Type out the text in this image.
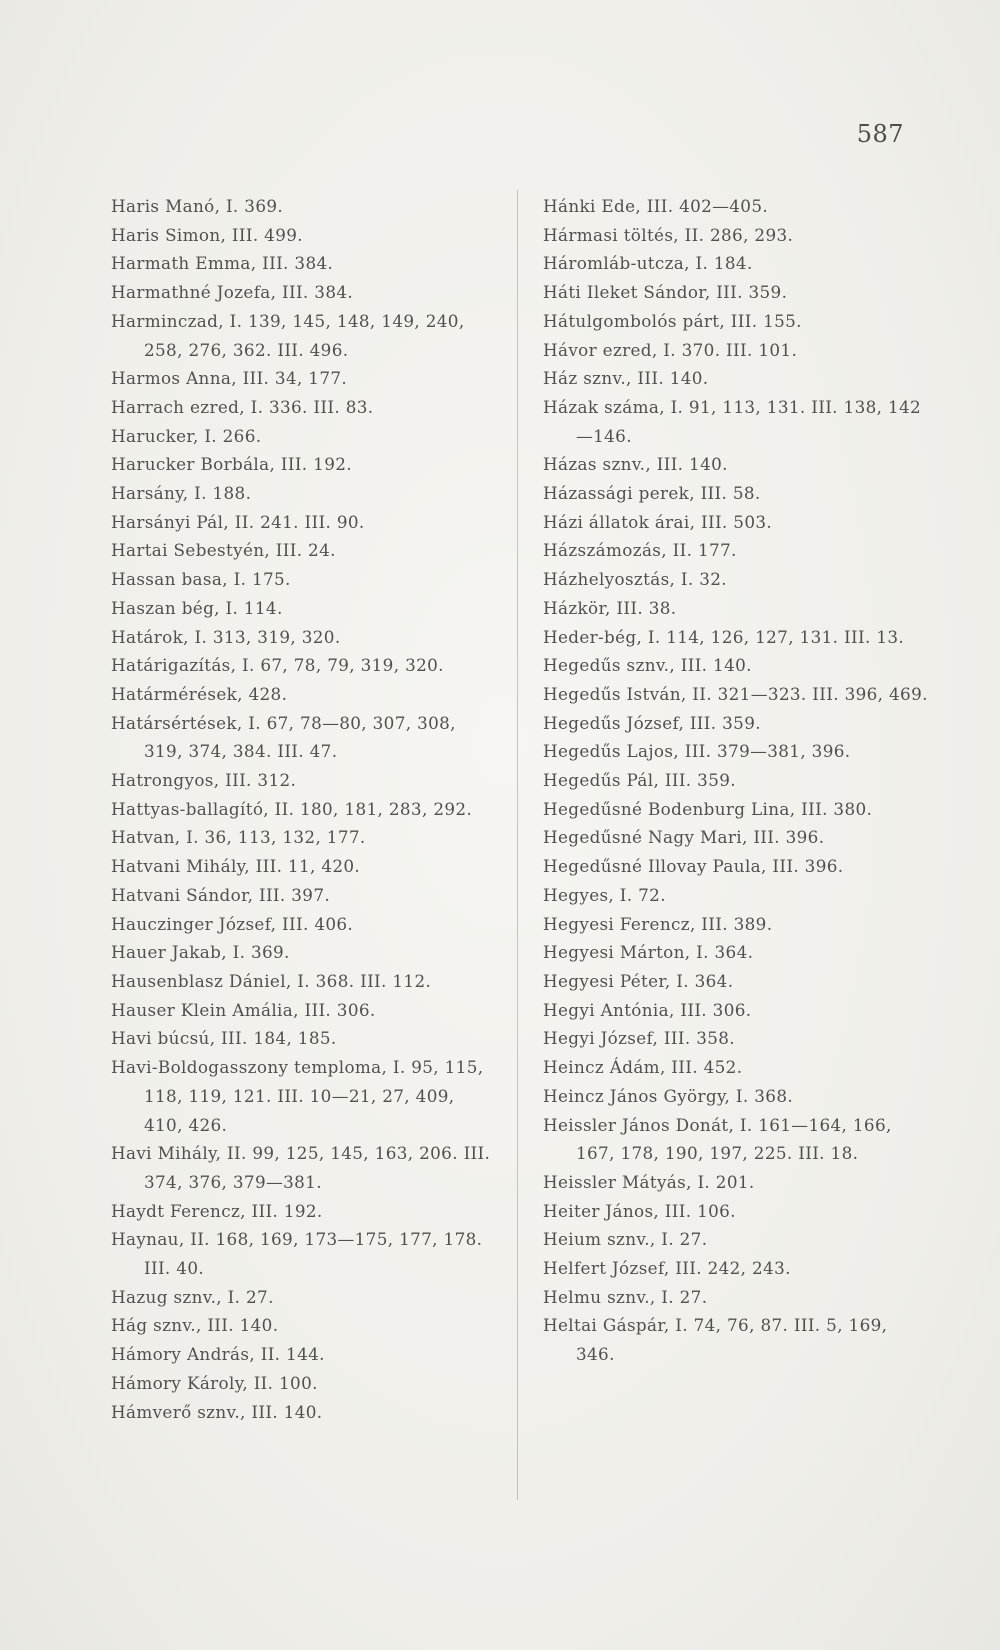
587
Haris Manó, I. 369.
Haris Simon, III. 499.
Harmath Emma, III. 384.
Harmathné Jozefa, III. 384.
Harminczad, I. 139, 145, 148, 149, 240, 258, 276, 362. III. 496.
Harmos Anna, III. 34, 177.
Harrach ezred, I. 336. III. 83.
Harucker, I. 266.
Harucker Borbála, III. 192.
Harsány, I. 188.
Harsányi Pál, II. 241. III. 90.
Hartai Sebestyén, III. 24.
Hassan basa, I. 175.
Haszan bég, I. 114.
Határok, I. 313, 319, 320.
Határigazítás, I. 67, 78, 79, 319, 320.
Határmérések, 428.
Határsértések, I. 67, 78—80, 307, 308, 319, 374, 384. III. 47.
Hatrongyos, III. 312.
Hattyas-ballagító, II. 180, 181, 283, 292.
Hatvan, I. 36, 113, 132, 177.
Hatvani Mihály, III. 11, 420.
Hatvani Sándor, III. 397.
Hauczinger József, III. 406.
Hauer Jakab, I. 369.
Hausenblasz Dániel, I. 368. III. 112.
Hauser Klein Amália, III. 306.
Havi búcsú, III. 184, 185.
Havi-Boldogasszony temploma, I. 95, 115, 118, 119, 121. III. 10—21, 27, 409, 410, 426.
Havi Mihály, II. 99, 125, 145, 163, 206. III. 374, 376, 379—381.
Haydt Ferencz, III. 192.
Haynau, II. 168, 169, 173—175, 177, 178. III. 40.
Hazug sznv., I. 27.
Hág sznv., III. 140.
Hámory András, II. 144.
Hámory Károly, II. 100.
Hámverő sznv., III. 140.
Hánki Ede, III. 402—405.
Hármasi töltés, II. 286, 293.
Háromláb-utcza, I. 184.
Háti Ileket Sándor, III. 359.
Hátulgombolós párt, III. 155.
Hávor ezred, I. 370. III. 101.
Ház sznv., III. 140.
Házak száma, I. 91, 113, 131. III. 138, 142—146.
Házas sznv., III. 140.
Házassági perek, III. 58.
Házi állatok árai, III. 503.
Házszámozás, II. 177.
Házhelyosztás, I. 32.
Házkör, III. 38.
Heder-bég, I. 114, 126, 127, 131. III. 13.
Hegedűs sznv., III. 140.
Hegedűs István, II. 321—323. III. 396, 469.
Hegedűs József, III. 359.
Hegedűs Lajos, III. 379—381, 396.
Hegedűs Pál, III. 359.
Hegedűsné Bodenburg Lina, III. 380.
Hegedűsné Nagy Mari, III. 396.
Hegedűsné Illovay Paula, III. 396.
Hegyes, I. 72.
Hegyesi Ferencz, III. 389.
Hegyesi Márton, I. 364.
Hegyesi Péter, I. 364.
Hegyi Antónia, III. 306.
Hegyi József, III. 358.
Heincz Ádám, III. 452.
Heincz János György, I. 368.
Heissler János Donát, I. 161—164, 166, 167, 178, 190, 197, 225. III. 18.
Heissler Mátyás, I. 201.
Heiter János, III. 106.
Heium sznv., I. 27.
Helfert József, III. 242, 243.
Helmu sznv., I. 27.
Heltai Gáspár, I. 74, 76, 87. III. 5, 169, 346.
